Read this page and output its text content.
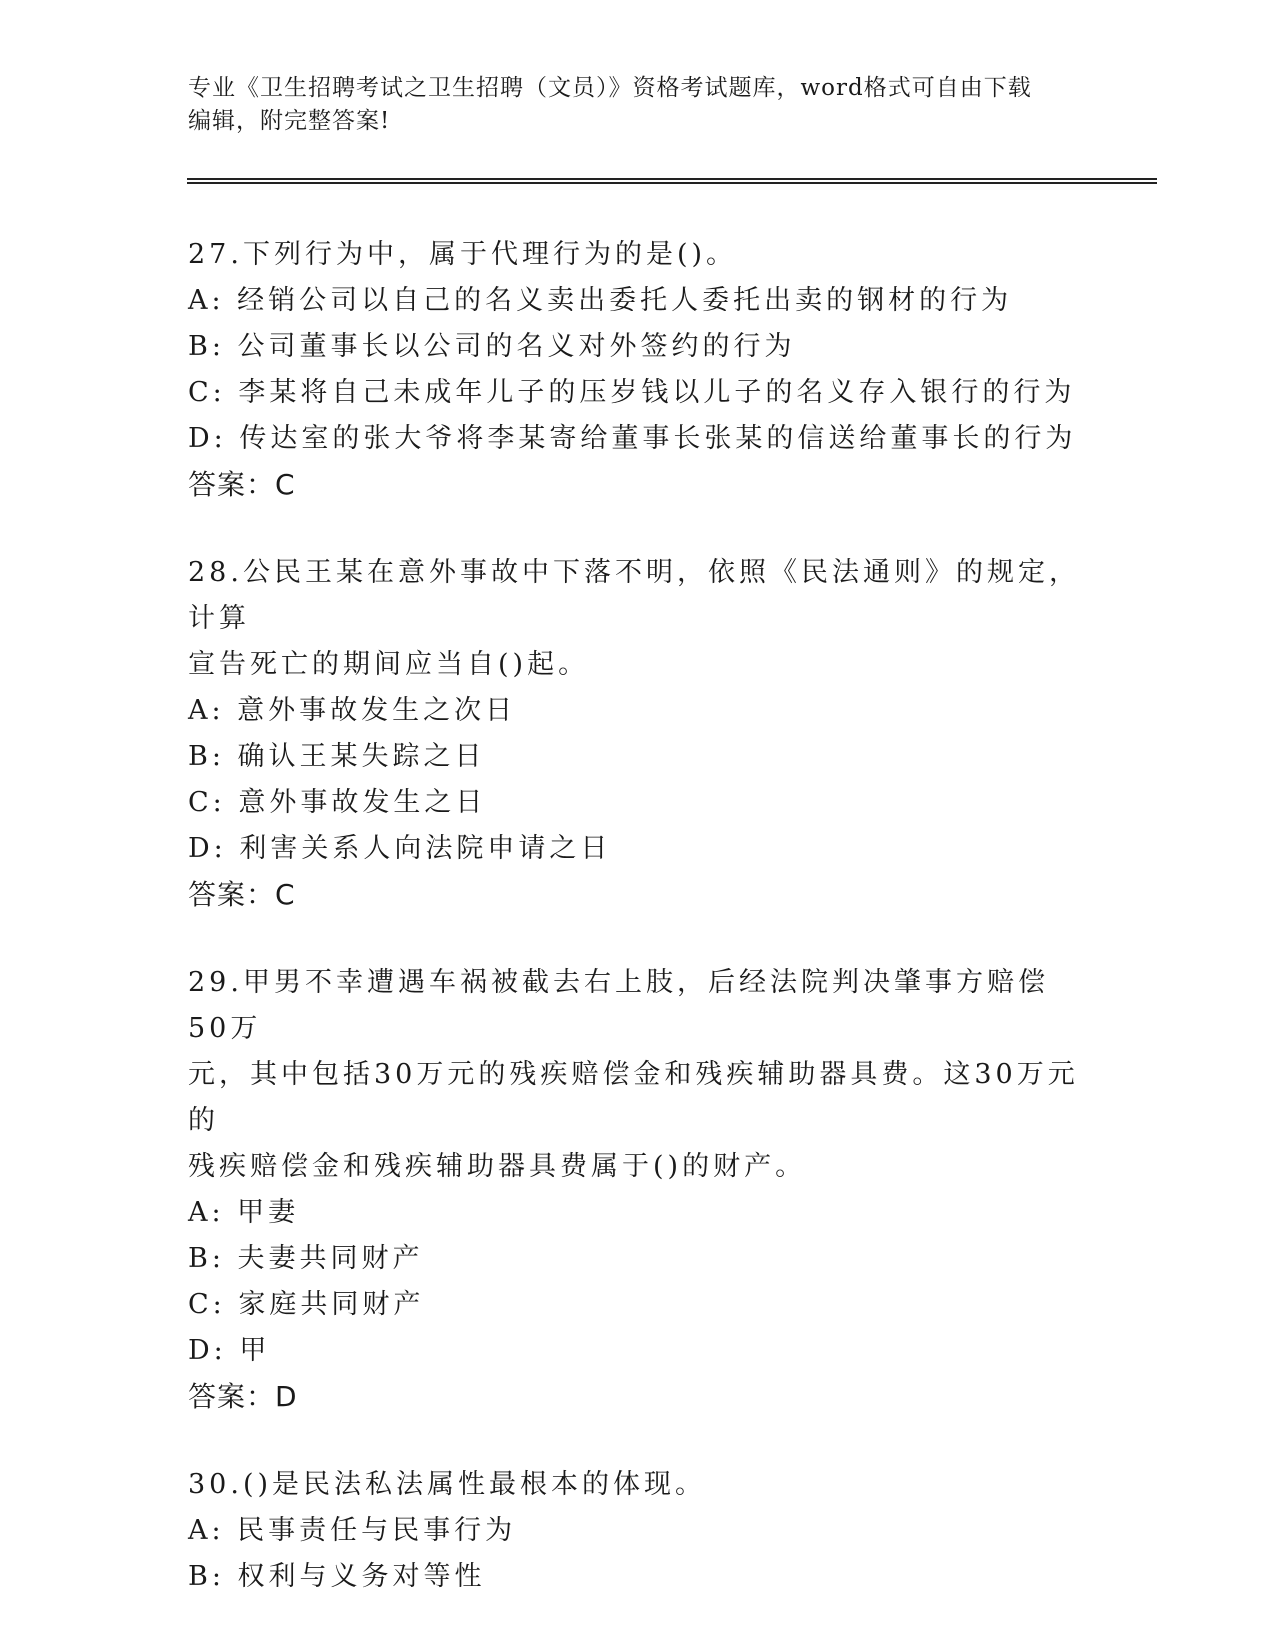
专业《卫生招聘考试之卫生招聘（文员）》资格考试题库，word格式可自由下载
编辑，附完整答案!
27.下列行为中，属于代理行为的是()。
A: 经销公司以自己的名义卖出委托人委托出卖的钢材的行为
B: 公司董事长以公司的名义对外签约的行为
C: 李某将自己未成年儿子的压岁钱以儿子的名义存入银行的行为
D: 传达室的张大爷将李某寄给董事长张某的信送给董事长的行为
答案：C
28.公民王某在意外事故中下落不明，依照《民法通则》的规定，计算
宣告死亡的期间应当自()起。
A: 意外事故发生之次日
B: 确认王某失踪之日
C: 意外事故发生之日
D: 利害关系人向法院申请之日
答案：C
29.甲男不幸遭遇车祸被截去右上肢，后经法院判决肇事方赔偿50万
元，其中包括30万元的残疾赔偿金和残疾辅助器具费。这30万元的
残疾赔偿金和残疾辅助器具费属于()的财产。
A: 甲妻
B: 夫妻共同财产
C: 家庭共同财产
D: 甲
答案：D
30.()是民法私法属性最根本的体现。
A: 民事责任与民事行为
B: 权利与义务对等性
